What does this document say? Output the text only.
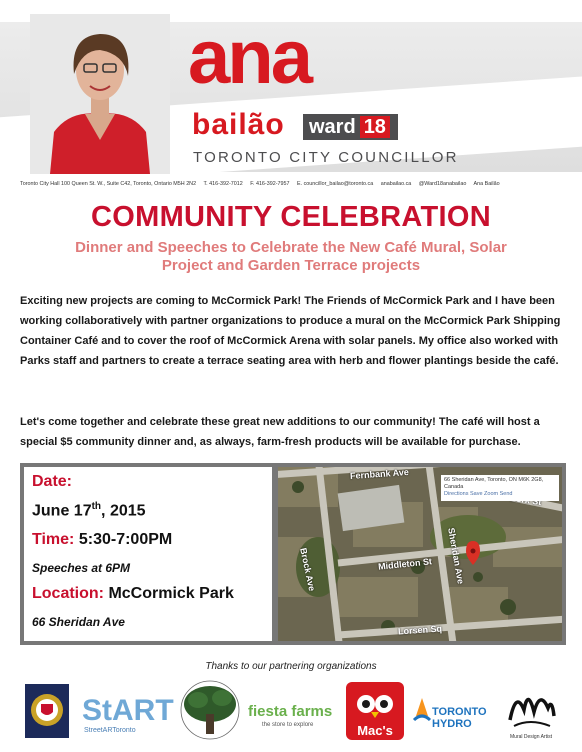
ana
bailão	ward 18
TORONTO CITY COUNCILLOR
Toronto City Hall 100 Queen St. W., Suite C42, Toronto, Ontario M5H 2N2 T. 416-392-7012 F. 416-392-7957 E. councillor_bailao@toronto.ca anabailao.ca @Ward18anabailao Ana Bailão
COMMUNITY CELEBRATION
Dinner and Speeches to Celebrate the New Café Mural, Solar Project and Garden Terrace projects
Exciting new projects are coming to McCormick Park! The Friends of McCormick Park and I have been working collaboratively with partner organizations to produce a mural on the McCormick Park Shipping Container Café and to cover the roof of McCormick Arena with solar panels. My office also worked with Parks staff and partners to create a terrace seating area with herb and flower plantings beside the café.
Let's come together and celebrate these great new additions to our community! The café will host a special $5 community dinner and, as always, farm-fresh products will be available for purchase.
Date:
June 17th, 2015
Time: 5:30-7:00PM
Speeches at 6PM
Location: McCormick Park
66 Sheridan Ave
Fernbank Ave
Middleton St
Brock Ave	Sheridan Ave
Lorsen Sq
66 Sheridan Ave, Toronto, ON M6K 2G8,
Canada
Directions Save Zoom Send
Thanks to our partnering organizations
StART
StreetARToronto
fiesta farms
the store to explore	Mac's
TORONTO HYDRO
Mural Design Artist
